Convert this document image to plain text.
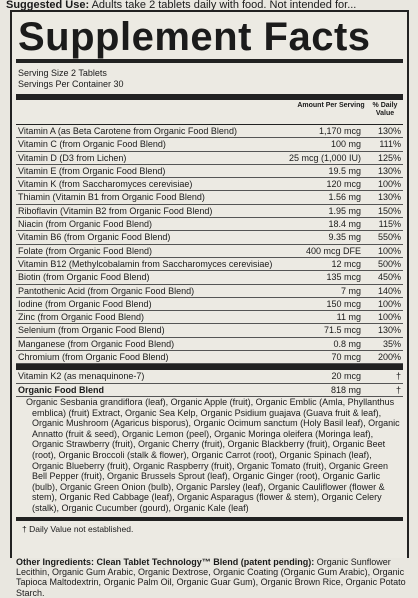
Suggested Use: Adults take 2 tablets daily with food. Not intended for...
Supplement Facts
Serving Size 2 Tablets
Servings Per Container 30
Amount Per Serving	% Daily Value
Vitamin A (as Beta Carotene from Organic Food Blend)	1,170 mcg	130%
Vitamin C (from Organic Food Blend)	100 mg	111%
Vitamin D (D3 from Lichen)	25 mcg (1,000 IU)	125%
Vitamin E (from Organic Food Blend)	19.5 mg	130%
Vitamin K (from Saccharomyces cerevisiae)	120 mcg	100%
Thiamin (Vitamin B1 from Organic Food Blend)	1.56 mg	130%
Riboflavin (Vitamin B2 from Organic Food Blend)	1.95 mg	150%
Niacin (from Organic Food Blend)	18.4 mg	115%
Vitamin B6 (from Organic Food Blend)	9.35 mg	550%
Folate (from Organic Food Blend)	400 mcg DFE	100%
Vitamin B12 (Methylcobalamin from Saccharomyces cerevisiae)	12 mcg	500%
Biotin (from Organic Food Blend)	135 mcg	450%
Pantothenic Acid (from Organic Food Blend)	7 mg	140%
Iodine (from Organic Food Blend)	150 mcg	100%
Zinc (from Organic Food Blend)	11 mg	100%
Selenium (from Organic Food Blend)	71.5 mcg	130%
Manganese (from Organic Food Blend)	0.8 mg	35%
Chromium (from Organic Food Blend)	70 mcg	200%
Vitamin K2 (as menaquinone-7)	20 mcg	†
Organic Food Blend	818 mg	†
Organic Sesbania grandiflora (leaf), Organic Apple (fruit), Organic Emblic (Amla, Phyllanthus emblica) (fruit) Extract, Organic Sea Kelp, Organic Psidium guajava (Guava fruit & leaf), Organic Mushroom (Agaricus bisporus), Organic Ocimum sanctum (Holy Basil leaf), Organic Annatto (fruit & seed), Organic Lemon (peel), Organic Moringa oleifera (Moringa leaf), Organic Strawberry (fruit), Organic Cherry (fruit), Organic Blackberry (fruit), Organic Beet (root), Organic Broccoli (stalk & flower), Organic Carrot (root), Organic Spinach (leaf), Organic Blueberry (fruit), Organic Raspberry (fruit), Organic Tomato (fruit), Organic Green Bell Pepper (fruit), Organic Brussels Sprout (leaf), Organic Ginger (root), Organic Garlic (bulb), Organic Green Onion (bulb), Organic Parsley (leaf), Organic Cauliflower (flower & stem), Organic Red Cabbage (leaf), Organic Asparagus (flower & stem), Organic Celery (stalk), Organic Cucumber (gourd), Organic Kale (leaf)
† Daily Value not established.
Other Ingredients: Clean Tablet Technology™ Blend (patent pending): Organic Sunflower Lecithin, Organic Gum Arabic, Organic Dextrose, Organic Coating (Organic Gum Arabic), Organic Tapioca Maltodextrin, Organic Palm Oil, Organic Guar Gum), Organic Brown Rice, Organic Potato Starch.
